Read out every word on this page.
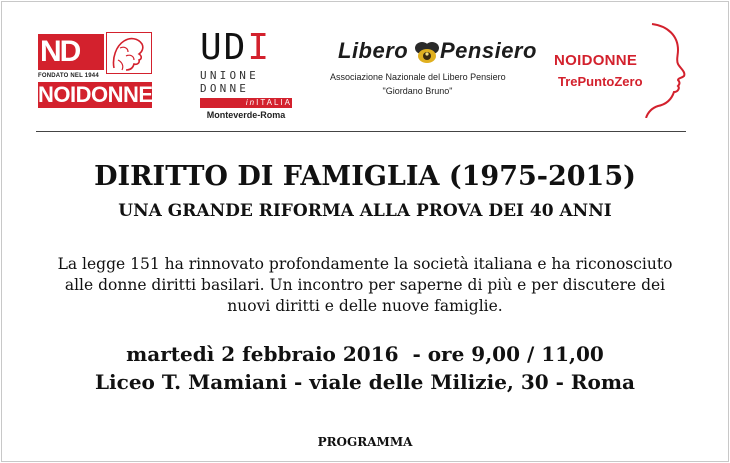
ND
FONDATO NEL 1944
NOIDONNE
UDI
UNIONE
DONNE
inITALIA
Monteverde-Roma
Libero Pensiero
Associazione Nazionale del Libero Pensiero
"Giordano Bruno"
NOIDONNE
TrePuntoZero
DIRITTO DI FAMIGLIA (1975-2015)
UNA GRANDE RIFORMA ALLA PROVA DEI 40 ANNI
La legge 151 ha rinnovato profondamente la società italiana e ha riconosciuto
alle donne diritti basilari. Un incontro per saperne di più e per discutere dei
nuovi diritti e delle nuove famiglie.
martedì 2 febbraio 2016  - ore 9,00 / 11,00
Liceo T. Mamiani - viale delle Milizie, 30 - Roma
PROGRAMMA
